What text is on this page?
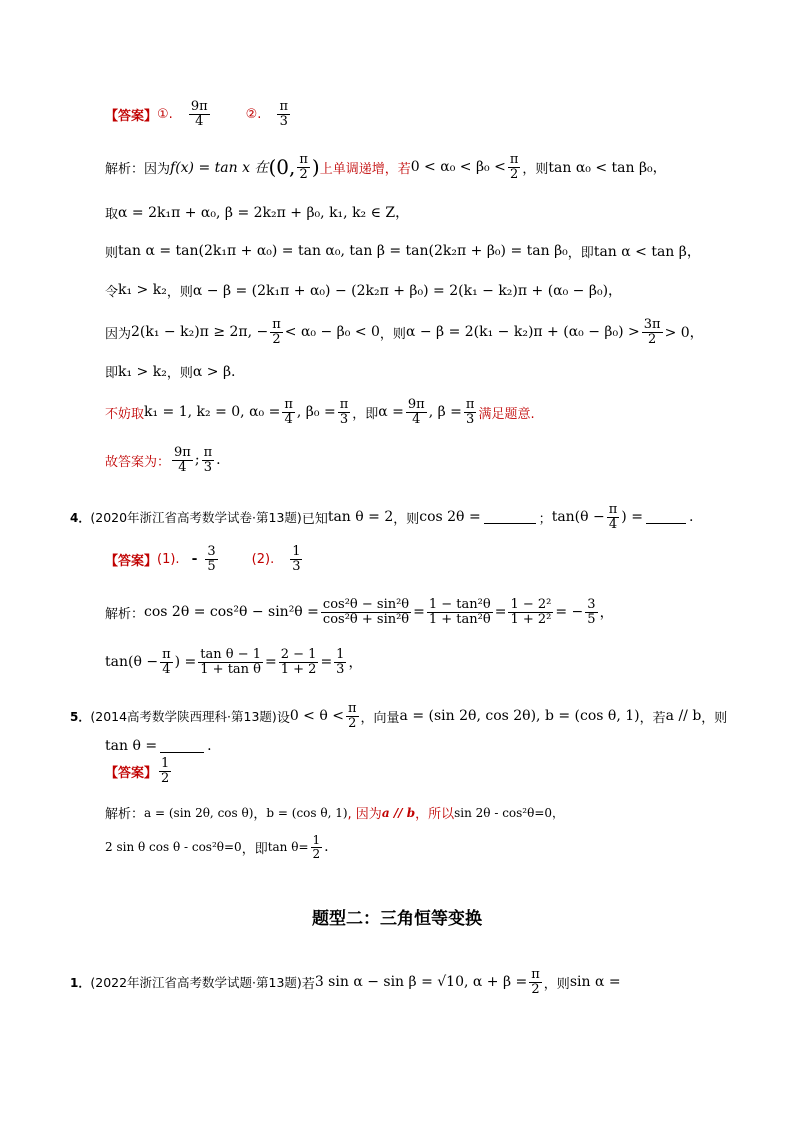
【答案】 ①. $\frac{9\pi}{4}$	②. $\frac{\pi}{3}$
解析：因为 f(x) = tan x 在 (0, $\frac{\pi}{2}$ ) 上单调递增，若 $0 < \alpha_0 < \beta_0 < \frac{\pi}{2}$ ，则 tan α₀ < tan β₀，
取 α = 2k₁π + α₀, β = 2k₂π + β₀, k₁, k₂ ∈ Z，
则 tan α = tan(2k₁π + α₀) = tan α₀, tan β = tan(2k₂π + β₀) = tan β₀ ，即 tan α < tan β，
令 k₁ > k₂ ，则 α − β = (2k₁π + α₀) − (2k₂π + β₀) = 2(k₁ − k₂)π + (α₀ − β₀)，
因为 2(k₁ − k₂)π ≥ 2π, − $\frac{\pi}{2} < \alpha_0 - \beta_0 < 0$ ，则 $\alpha - \beta = 2(k_1 - k_2)\pi + (\alpha_0 - \beta_0) > \frac{3\pi}{2} > 0$，
即 k₁ > k₂ ，则 α > β.
不妨取 k₁ = 1, k₂ = 0, $\alpha_0 = \frac{\pi}{4}$ , $\beta_0 = \frac{\pi}{3}$ ，即 $\alpha = \frac{9\pi}{4}$ , $\beta = \frac{\pi}{3}$ 满足题意.
故答案为： $\frac{9\pi}{4}$ ; $\frac{\pi}{3}$ .
4． (2020年浙江省高考数学试卷·第13题) 已知 tan θ = 2 ，则 cos 2θ =	； $\tan(\theta - \frac{\pi}{4}$ ) =	.
【答案】 (1). - $\frac{3}{5}$	(2). $\frac{1}{3}$
解析： $\cos 2\theta = \cos^2\theta - \sin^2\theta = \frac{\text{cos²θ − sin²θ}}{\text{cos²θ + sin²θ}} = \frac{\text{1 − tan²θ}}{\text{1 + tan²θ}} = \frac{\text{1 − 2²}}{\text{1 + 2²}}$ = − $\frac{3}{5}$ ，
$\tan(\theta - \frac{\pi}{4}$ ) = $\frac{\text{tan θ − 1}}{\text{1 + tan θ}} = \frac{2 - 1}{1 + 2} = \frac{1}{3}$ ，
5． (2014高考数学陕西理科·第13题) 设 $0 < \theta < \frac{\pi}{2}$ ，向量 a = (sin 2θ, cos 2θ), b = (cos θ, 1) ，若 a // b ，则
tan θ =	.
【答案】 $\frac{1}{2}$
解析： a = (sin 2θ, cos θ) ， b = (cos θ, 1) , 因为 a // b ，所以 sin 2θ - cos²θ=0，
2 sin θ cos θ - cos²θ=0 ，即 $\tan \theta= \frac{1}{2}$ .
题型二：三角恒等变换
1． (2022年浙江省高考数学试题·第13题) 若 3 sin α − sin β = √10, $\alpha + \beta = \frac{\pi}{2}$ ，则 sin α =
